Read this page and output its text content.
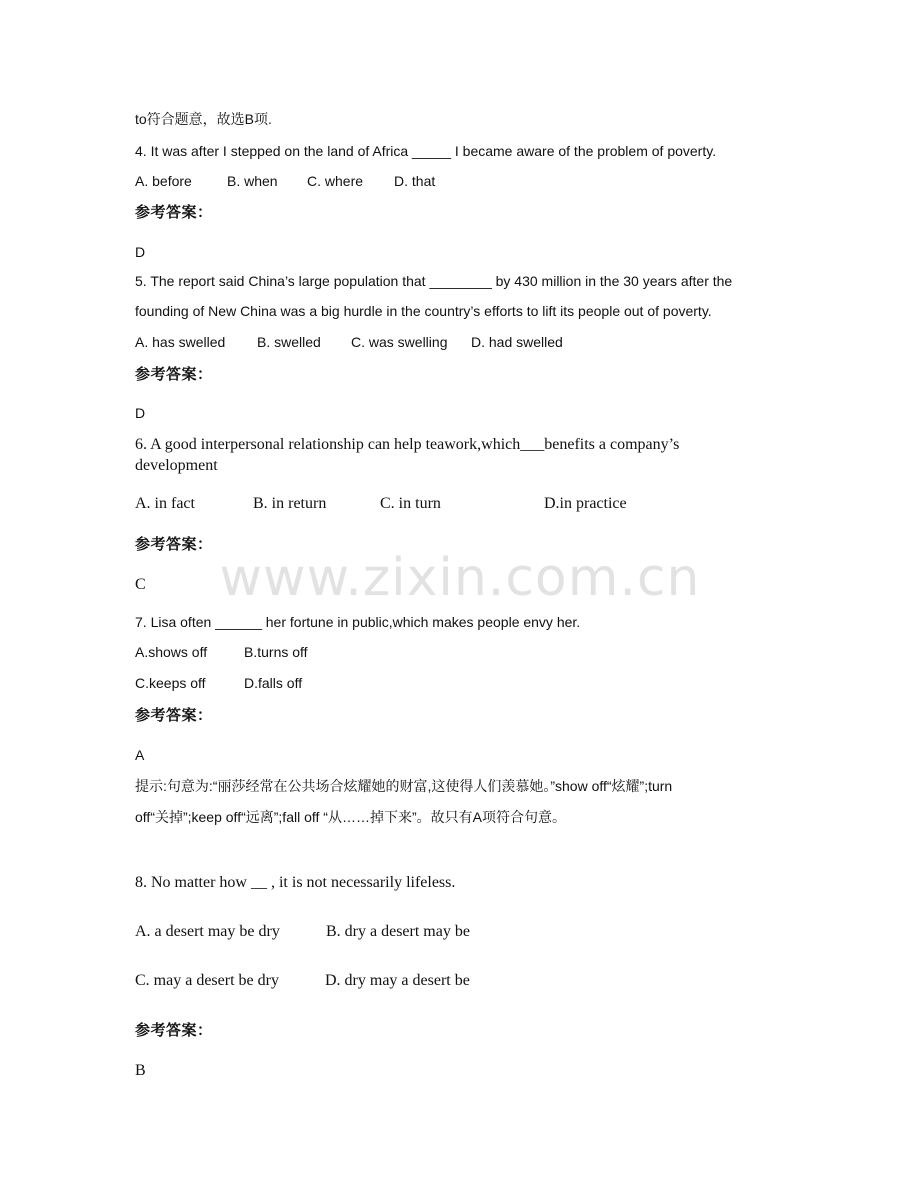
www.zixin.com.cn
to符合题意，故选B项.
4. It was after I stepped on the land of Africa _____ I became aware of the problem of poverty.
A. before	B. when C. where D. that
参考答案：
D
5. The report said China’s large population that ________ by 430 million in the 30 years after the
founding of New China was a big hurdle in the country’s efforts to lift its people out of poverty.
A. has swelled B. swelled C. was swelling D. had swelled
参考答案：
D
6. A good interpersonal relationship can help teawork,which___benefits a company’s
development
A. in fact	B. in return	C. in turn	D.in practice
参考答案：
C
7. Lisa often ______ her fortune in public,which makes people envy her.
A.shows off	B.turns off
C.keeps off	D.falls off
参考答案：
A
提示:句意为:“丽莎经常在公共场合炫耀她的财富,这使得人们羡慕她。”show off“炫耀”;turn
off“关掉”;keep off“远离”;fall off “从……掉下来”。故只有A项符合句意。
8. No matter how __ , it is not necessarily lifeless.
A. a desert may be dry	B. dry a desert may be
C. may a desert be dry	D. dry may a desert be
参考答案：
B
